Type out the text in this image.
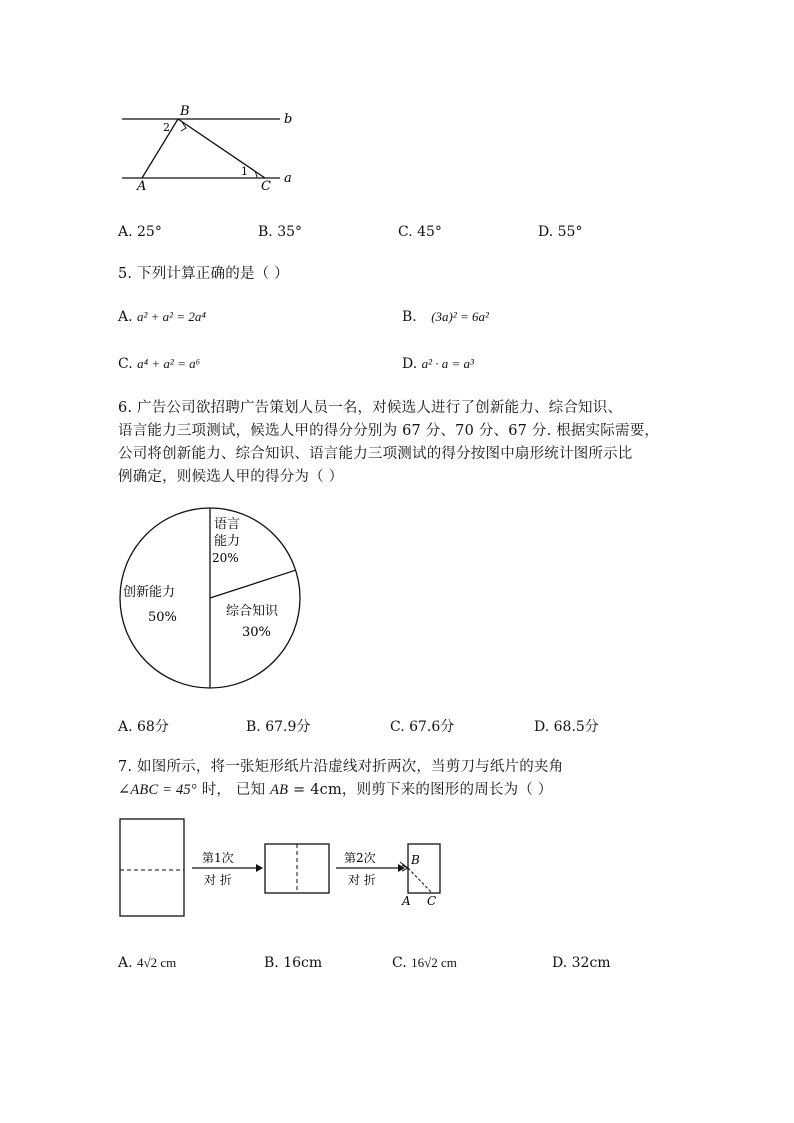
B
b
2
1
A	C
a
A. 25°	B. 35°	C. 45°	D. 55°
5. 下列计算正确的是（ ）
A. a² + a² = 2a⁴	B. (3a)² = 6a²
C. a⁴ + a² = a⁶	D. a² · a = a³
6. 广告公司欲招聘广告策划人员一名，对候选人进行了创新能力、综合知识、
语言能力三项测试，候选人甲的得分分别为 67 分、70 分、67 分. 根据实际需要，
公司将创新能力、综合知识、语言能力三项测试的得分按图中扇形统计图所示比
例确定，则候选人甲的得分为（ ）
语言
能力
20%
综合知识
30%
创新能力
50%
A. 68分	B. 67.9分	C. 67.6分	D. 68.5分
7. 如图所示，将一张矩形纸片沿虚线对折两次，当剪刀与纸片的夹角
∠ABC = 45° 时， 已知 AB = 4cm，则剪下来的图形的周长为（ ）
第1次
对 折
第2次
对 折
B
A C
A. 4√2 cm	B. 16cm	C. 16√2 cm	D. 32cm
